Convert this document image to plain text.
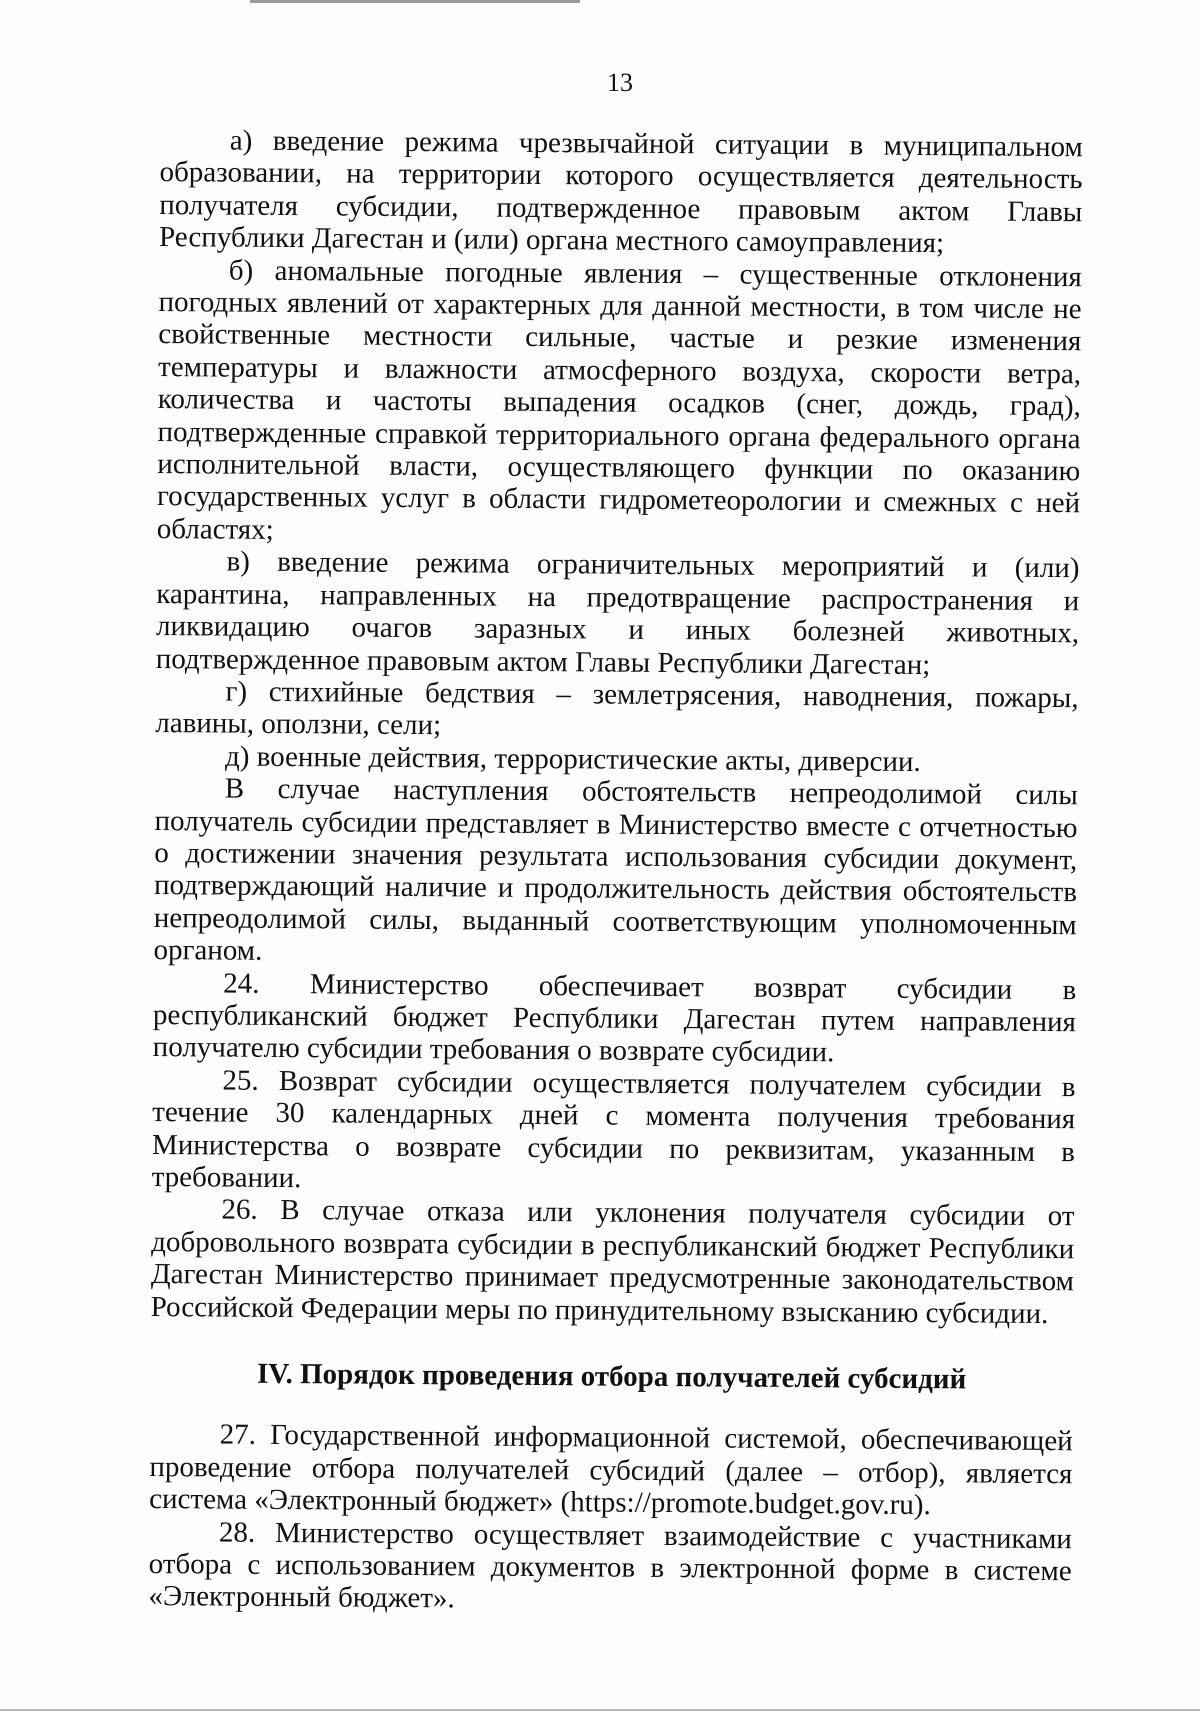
13

а) введение режима чрезвычайной ситуации в муниципальном образовании, на территории которого осуществляется деятельность получателя субсидии, подтвержденное правовым актом Главы Республики Дагестан и (или) органа местного самоуправления;

б) аномальные погодные явления – существенные отклонения погодных явлений от характерных для данной местности, в том числе не свойственные местности сильные, частые и резкие изменения температуры и влажности атмосферного воздуха, скорости ветра, количества и частоты выпадения осадков (снег, дождь, град), подтвержденные справкой территориального органа федерального органа исполнительной власти, осуществляющего функции по оказанию государственных услуг в области гидрометеорологии и смежных с ней областях;

в) введение режима ограничительных мероприятий и (или) карантина, направленных на предотвращение распространения и ликвидацию очагов заразных и иных болезней животных, подтвержденное правовым актом Главы Республики Дагестан;

г) стихийные бедствия – землетрясения, наводнения, пожары, лавины, оползни, сели;

д) военные действия, террористические акты, диверсии.

В случае наступления обстоятельств непреодолимой силы получатель субсидии представляет в Министерство вместе с отчетностью о достижении значения результата использования субсидии документ, подтверждающий наличие и продолжительность действия обстоятельств непреодолимой силы, выданный соответствующим уполномоченным органом.

24. Министерство обеспечивает возврат субсидии в республиканский бюджет Республики Дагестан путем направления получателю субсидии требования о возврате субсидии.

25. Возврат субсидии осуществляется получателем субсидии в течение 30 календарных дней с момента получения требования Министерства о возврате субсидии по реквизитам, указанным в требовании.

26. В случае отказа или уклонения получателя субсидии от добровольного возврата субсидии в республиканский бюджет Республики Дагестан Министерство принимает предусмотренные законодательством Российской Федерации меры по принудительному взысканию субсидии.

IV. Порядок проведения отбора получателей субсидий

27. Государственной информационной системой, обеспечивающей проведение отбора получателей субсидий (далее – отбор), является система «Электронный бюджет» (https://promote.budget.gov.ru).

28. Министерство осуществляет взаимодействие с участниками отбора с использованием документов в электронной форме в системе «Электронный бюджет».
